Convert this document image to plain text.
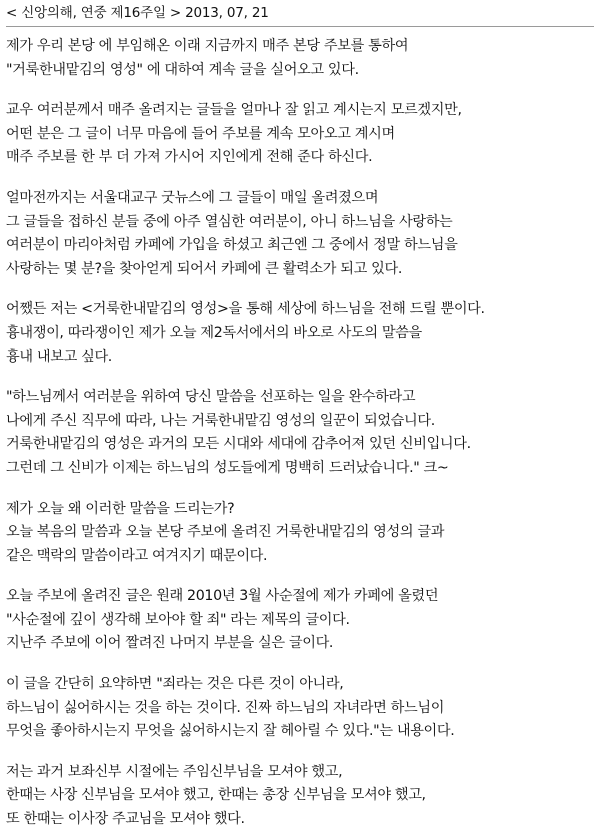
< 신앙의해, 연중 제16주일 > 2013, 07, 21
제가 우리 본당 에 부임해온 이래 지금까지 매주 본당 주보를 통하여
"거룩한내맡김의 영성" 에 대하여 계속 글을 실어오고 있다.
교우 여러분께서 매주 올려지는 글들을 얼마나 잘 읽고 계시는지 모르겠지만,
어떤 분은 그 글이 너무 마음에 들어 주보를 계속 모아오고 계시며
매주 주보를 한 부 더 가져 가시어 지인에게 전해 준다 하신다.
얼마전까지는 서울대교구 굿뉴스에 그 글들이 매일 올려졌으며
그 글들을 접하신 분들 중에 아주 열심한 여러분이, 아니 하느님을 사랑하는
여러분이 마리아처럼 카페에 가입을 하셨고 최근엔 그 중에서 정말 하느님을
사랑하는 몇 분?을 찾아얻게 되어서 카페에 큰 활력소가 되고 있다.
어쨌든 저는 <거룩한내맡김의 영성>을 통해 세상에 하느님을 전해 드릴 뿐이다.
흉내쟁이, 따라쟁이인 제가 오늘 제2독서에서의 바오로 사도의 말씀을
흉내 내보고 싶다.
"하느님께서 여러분을 위하여 당신 말씀을 선포하는 일을 완수하라고
나에게 주신 직무에 따라, 나는 거룩한내맡김 영성의 일꾼이 되었습니다.
거룩한내맡김의 영성은 과거의 모든 시대와 세대에 감추어져 있던 신비입니다.
그런데 그 신비가 이제는 하느님의 성도들에게 명백히 드러났습니다." 크~
제가 오늘 왜 이러한 말씀을 드리는가?
오늘 복음의 말씀과 오늘 본당 주보에 올려진 거룩한내맡김의 영성의 글과
같은 맥락의 말씀이라고 여겨지기 때문이다.
오늘 주보에 올려진 글은 원래 2010년 3월 사순절에 제가 카페에 올렸던
"사순절에 깊이 생각해 보아야 할 죄" 라는 제목의 글이다.
지난주 주보에 이어 짤려진 나머지 부분을 실은 글이다.
이 글을 간단히 요약하면 "죄라는 것은 다른 것이 아니라,
하느님이 싫어하시는 것을 하는 것이다. 진짜 하느님의 자녀라면 하느님이
무엇을 좋아하시는지 무엇을 싫어하시는지 잘 헤아릴 수 있다."는 내용이다.
저는 과거 보좌신부 시절에는 주임신부님을 모셔야 했고,
한때는 사장 신부님을 모셔야 했고, 한때는 총장 신부님을 모셔야 했고,
또 한때는 이사장 주교님을 모셔야 했다.
